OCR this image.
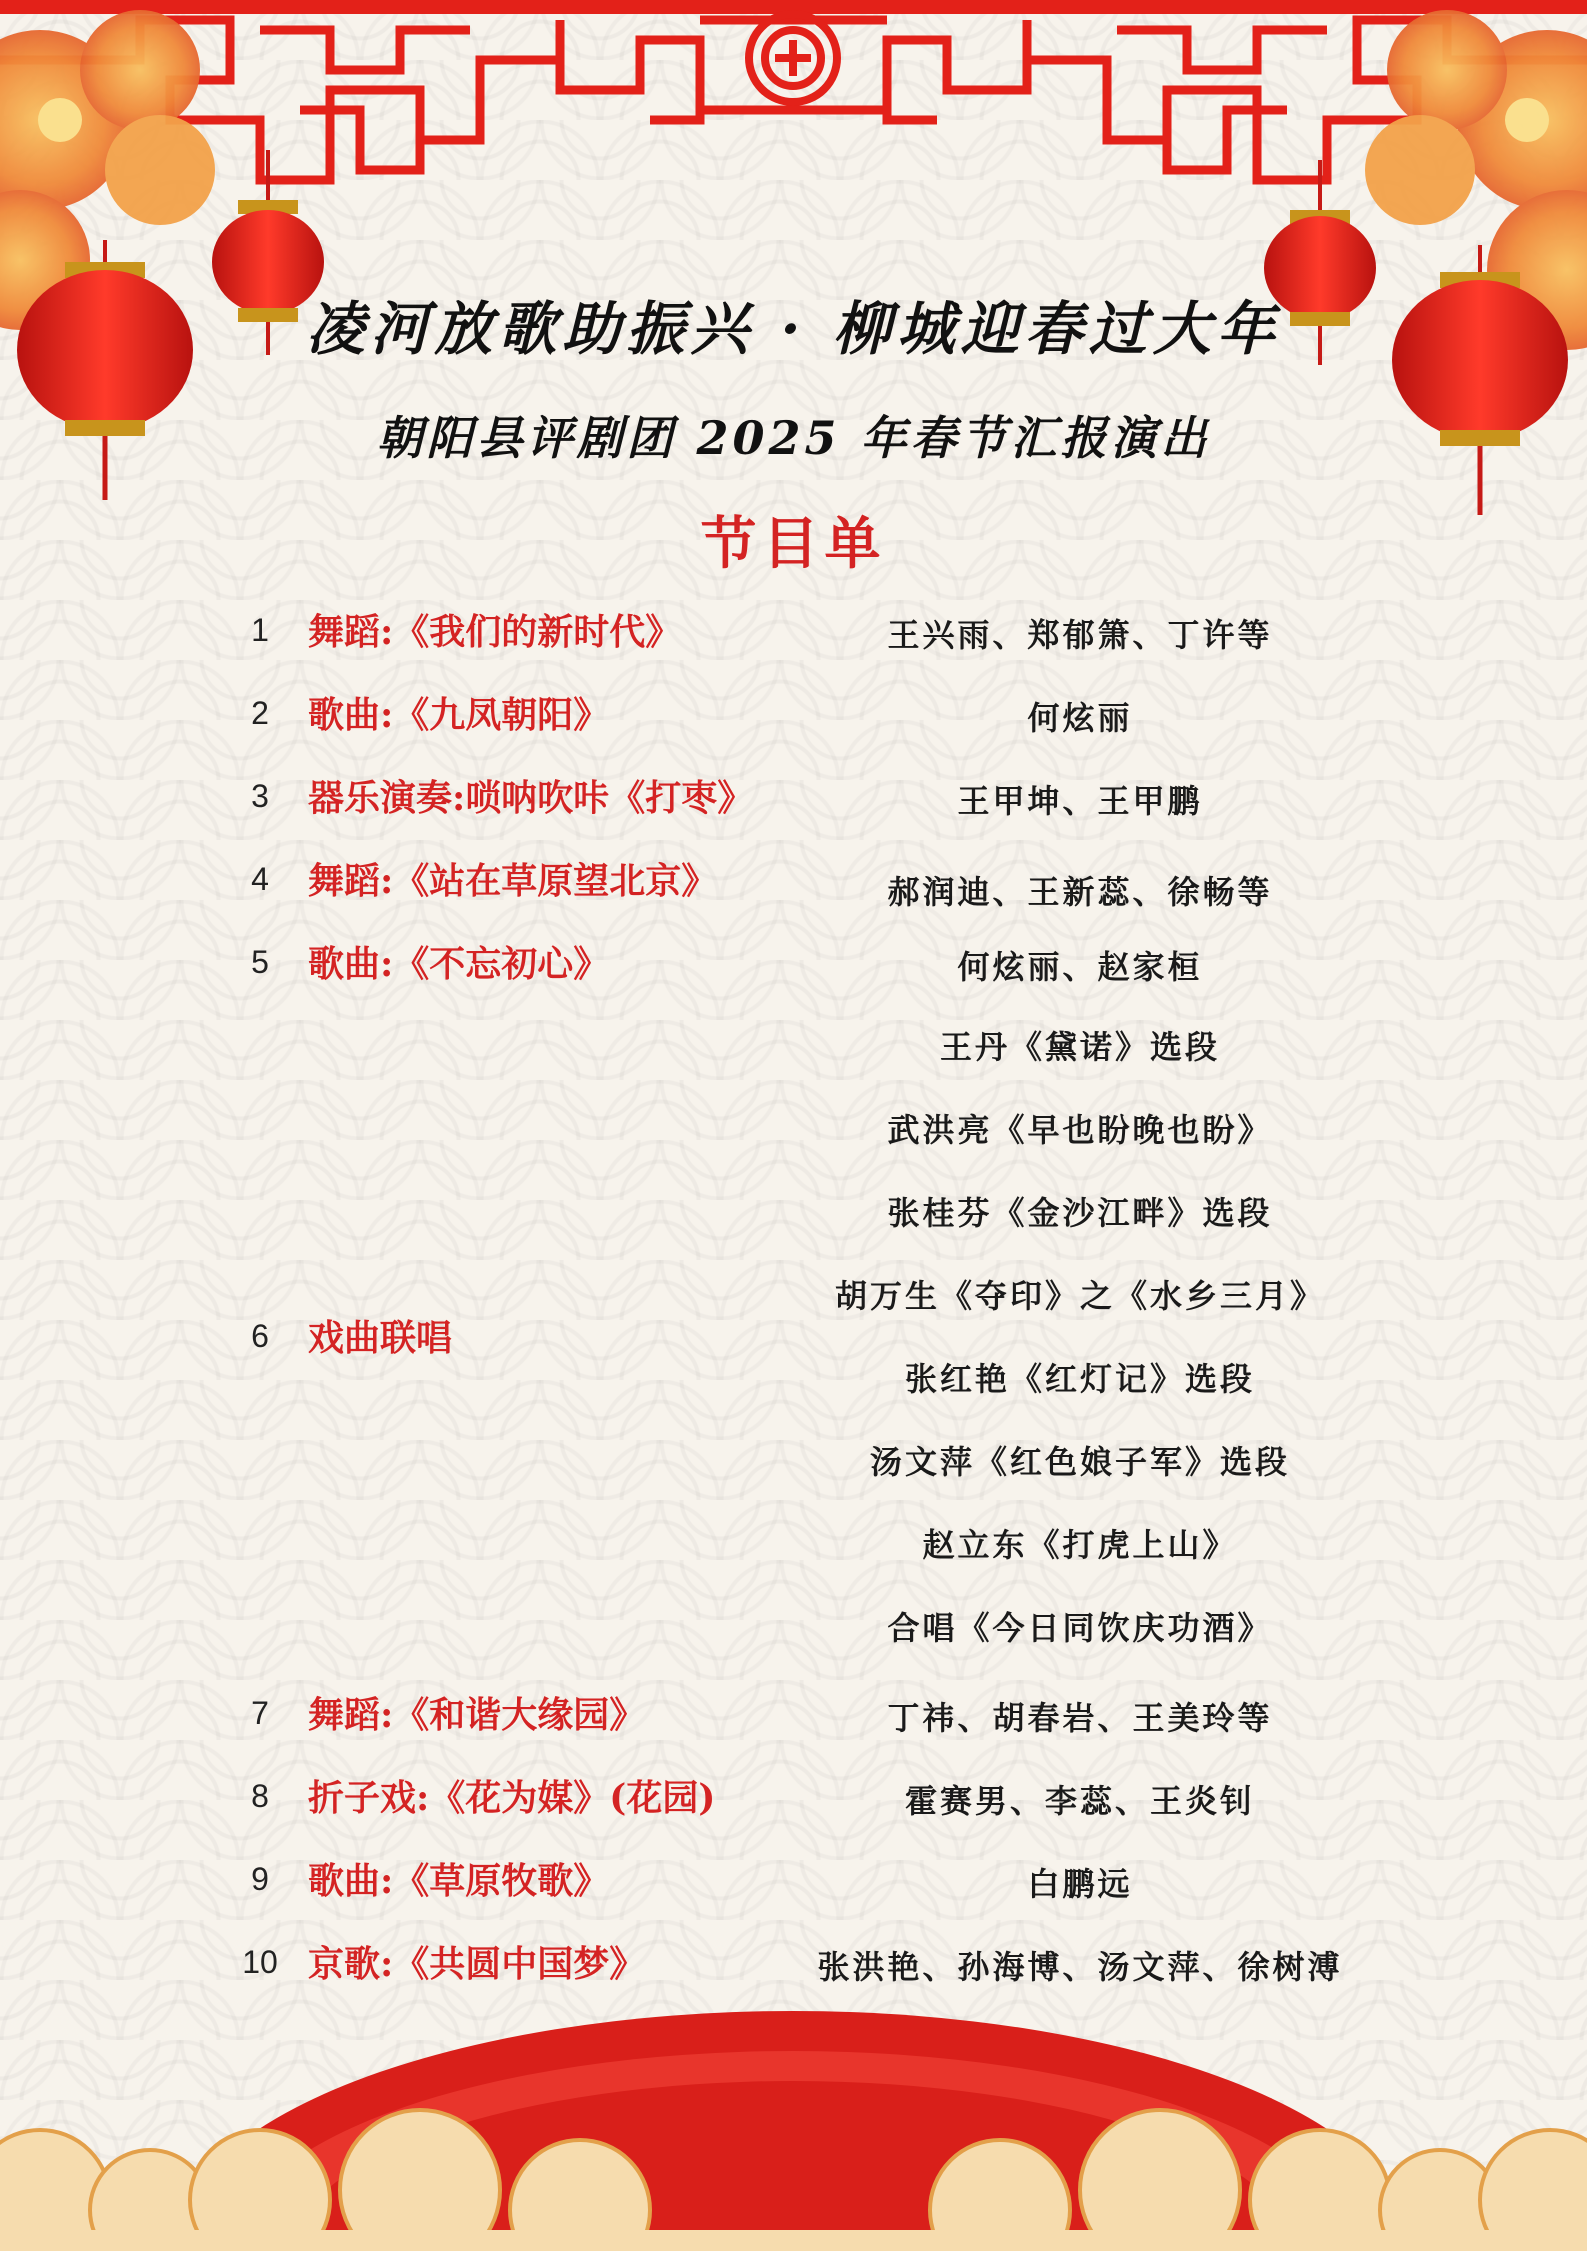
凌河放歌助振兴 · 柳城迎春过大年
朝阳县评剧团 2025 年春节汇报演出
节目单
1	舞蹈:《我们的新时代》	王兴雨、郑郁箫、丁许等
2	歌曲:《九凤朝阳》	何炫丽
3	器乐演奏:唢呐吹咔《打枣》	王甲坤、王甲鹏
4	舞蹈:《站在草原望北京》	郝润迪、王新蕊、徐畅等
5	歌曲:《不忘初心》	何炫丽、赵家桓
6	戏曲联唱
王丹《黛诺》选段
武洪亮《早也盼晚也盼》
张桂芬《金沙江畔》选段
胡万生《夺印》之《水乡三月》
张红艳《红灯记》选段
汤文萍《红色娘子军》选段
赵立东《打虎上山》
合唱《今日同饮庆功酒》
7	舞蹈:《和谐大缘园》	丁祎、胡春岩、王美玲等
8	折子戏:《花为媒》(花园)	霍赛男、李蕊、王炎钊
9	歌曲:《草原牧歌》	白鹏远
10 京歌:《共圆中国梦》	张洪艳、孙海博、汤文萍、徐树溥
